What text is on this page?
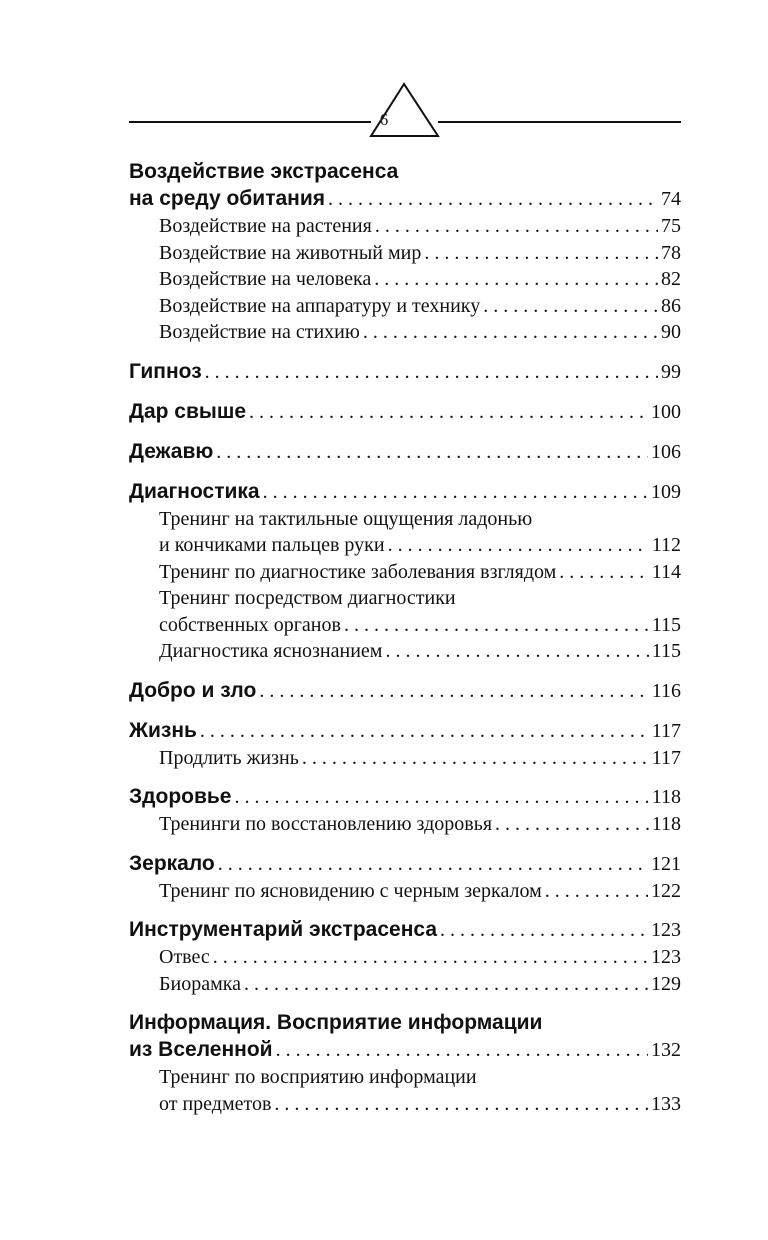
6
Воздействие экстрасенса
на среду обитания . . .	74
Воздействие на растения . . .	75
Воздействие на животный мир . . .	78
Воздействие на человека . . .	82
Воздействие на аппаратуру и технику . . .	86
Воздействие на стихию . . .	90
Гипноз . . .	99
Дар свыше . . .	100
Дежавю . . .	106
Диагностика . . .	109
Тренинг на тактильные ощущения ладонью
и кончиками пальцев руки . . .	112
Тренинг по диагностике заболевания взглядом . . .	114
Тренинг посредством диагностики
собственных органов . . .	115
Диагностика яснознанием . . .	115
Добро и зло . . .	116
Жизнь . . .	117
Продлить жизнь . . .	117
Здоровье . . .	118
Тренинги по восстановлению здоровья . . .	118
Зеркало . . .	121
Тренинг по ясновидению с черным зеркалом . . .	122
Инструментарий экстрасенса . . .	123
Отвес . . .	123
Биорамка . . .	129
Информация. Восприятие информации
из Вселенной . . .	132
Тренинг по восприятию информации
от предметов . . .	133
